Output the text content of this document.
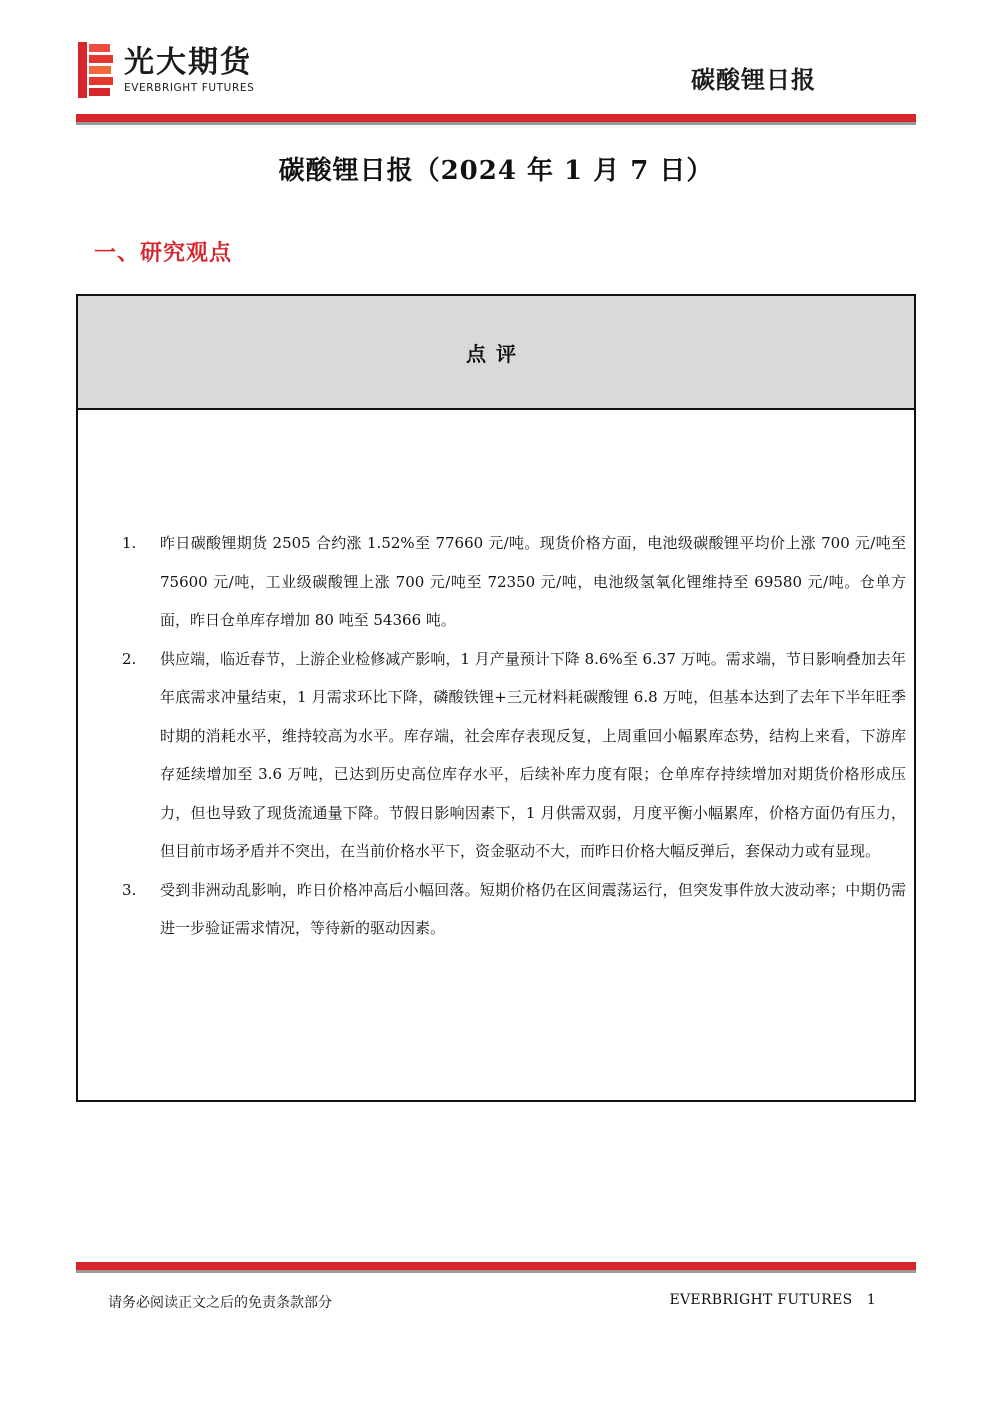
光大期货
EVERBRIGHT FUTURES	碳酸锂日报
碳酸锂日报（2024 年 1 月 7 日）
一、研究观点
点评
1. 昨日碳酸锂期货 2505 合约涨 1.52%至 77660 元/吨。现货价格方面，电池级碳酸锂平均价上涨 700 元/吨至 75600 元/吨，工业级碳酸锂上涨 700 元/吨至 72350 元/吨，电池级氢氧化锂维持至 69580 元/吨。仓单方面，昨日仓单库存增加 80 吨至 54366 吨。
2. 供应端，临近春节，上游企业检修减产影响，1 月产量预计下降 8.6%至 6.37 万吨。需求端，节日影响叠加去年年底需求冲量结束，1 月需求环比下降，磷酸铁锂+三元材料耗碳酸锂 6.8 万吨，但基本达到了去年下半年旺季时期的消耗水平，维持较高为水平。库存端，社会库存表现反复，上周重回小幅累库态势，结构上来看，下游库存延续增加至 3.6 万吨，已达到历史高位库存水平，后续补库力度有限；仓单库存持续增加对期货价格形成压力，但也导致了现货流通量下降。节假日影响因素下，1 月供需双弱，月度平衡小幅累库，价格方面仍有压力，但目前市场矛盾并不突出，在当前价格水平下，资金驱动不大，而昨日价格大幅反弹后，套保动力或有显现。
3. 受到非洲动乱影响，昨日价格冲高后小幅回落。短期价格仍在区间震荡运行，但突发事件放大波动率；中期仍需进一步验证需求情况，等待新的驱动因素。
请务必阅读正文之后的免责条款部分	EVERBRIGHT FUTURES 1
